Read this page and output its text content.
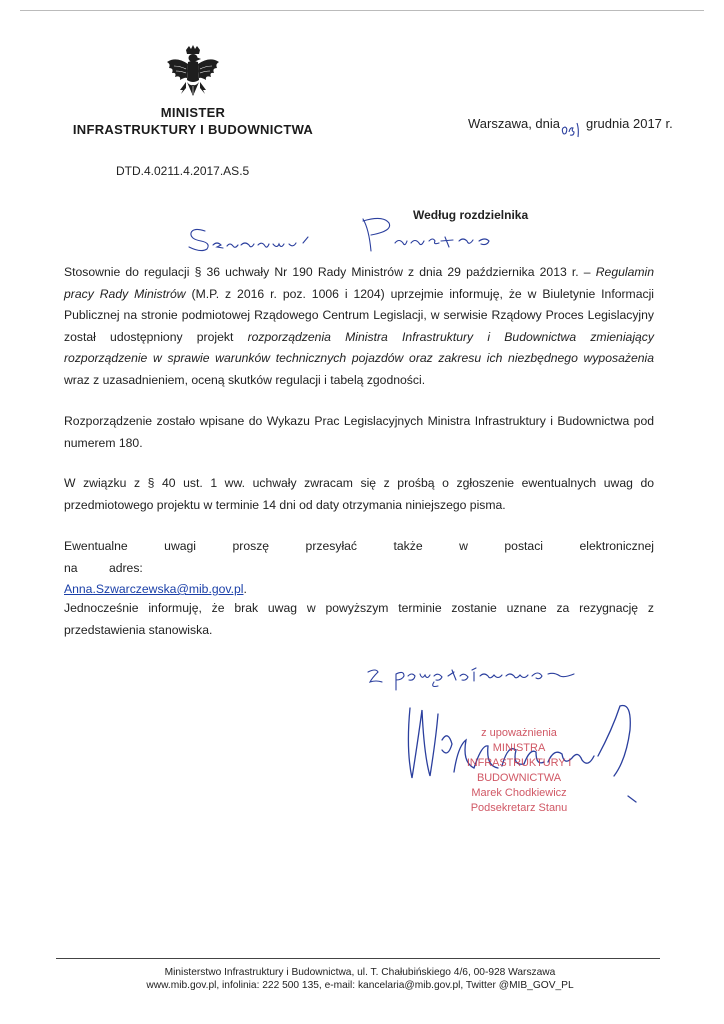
MINISTER
INFRASTRUKTURY I BUDOWNICTWA	Warszawa, dnia grudnia 2017 r.
DTD.4.0211.4.2017.AS.5
Według rozdzielnika
Stosownie do regulacji § 36 uchwały Nr 190 Rady Ministrów z dnia 29 października 2013 r. – Regulamin pracy Rady Ministrów (M.P. z 2016 r. poz. 1006 i 1204) uprzejmie informuję, że w Biuletynie Informacji Publicznej na stronie podmiotowej Rządowego Centrum Legislacji, w serwisie Rządowy Proces Legislacyjny został udostępniony projekt rozporządzenia Ministra Infrastruktury i Budownictwa zmieniający rozporządzenie w sprawie warunków technicznych pojazdów oraz zakresu ich niezbędnego wyposażenia wraz z uzasadnieniem, oceną skutków regulacji i tabelą zgodności.
Rozporządzenie zostało wpisane do Wykazu Prac Legislacyjnych Ministra Infrastruktury i Budownictwa pod numerem 180.
W związku z § 40 ust. 1 ww. uchwały zwracam się z prośbą o zgłoszenie ewentualnych uwag do przedmiotowego projektu w terminie 14 dni od daty otrzymania niniejszego pisma.
Ewentualne uwagi proszę przesyłać także w postaci elektronicznej na adres:
Anna.Szwarczewska@mib.gov.pl.
Jednocześnie informuję, że brak uwag w powyższym terminie zostanie uznane za rezygnację z przedstawienia stanowiska.
z upoważnienia
MINISTRA
INFRASTRUKTURY I BUDOWNICTWA
Marek Chodkiewicz
Podsekretarz Stanu
Ministerstwo Infrastruktury i Budownictwa, ul. T. Chałubińskiego 4/6, 00-928 Warszawa
www.mib.gov.pl, infolinia: 222 500 135, e-mail: kancelaria@mib.gov.pl, Twitter @MIB_GOV_PL
